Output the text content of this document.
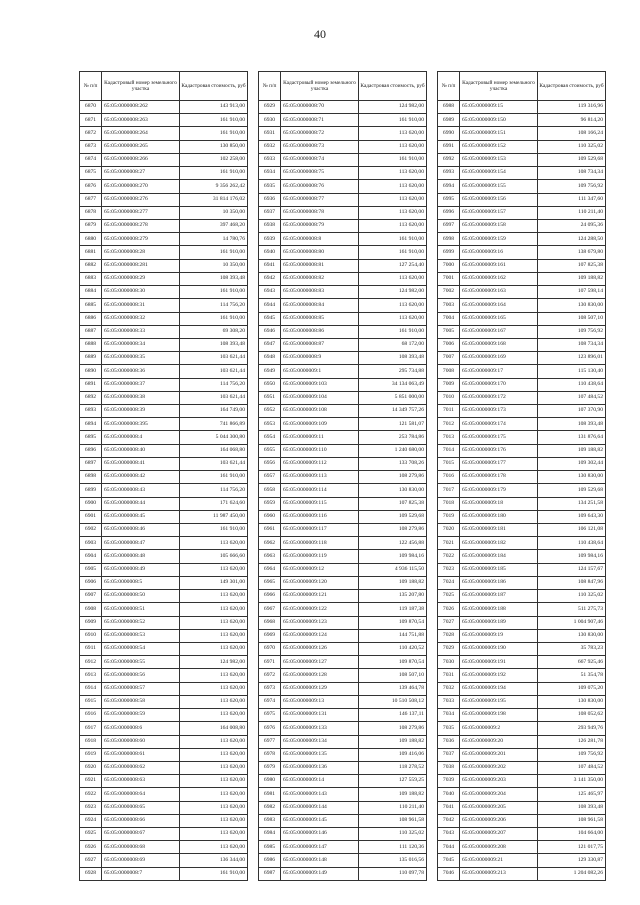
40
№ п/п	Кадастровый номер земельного участка	Кадастровая стоимость, руб
6870	65:05:0000008:262	143 913,00
6871	65:05:0000008:263	161 910,00
6872	65:05:0000008:264	161 910,00
6873	65:05:0000008:265	130 850,00
6874	65:05:0000008:266	102 258,00
6875	65:05:0000008:27	161 910,00
6876	65:05:0000008:270	9 356 262,42
6877	65:05:0000008:276	31 814 176,02
6878	65:05:0000008:277	10 350,00
6879	65:05:0000008:278	397 468,20
6880	65:05:0000008:279	14 780,76
6881	65:05:0000008:28	161 910,00
6882	65:05:0000008:281	10 350,00
6883	65:05:0000008:29	108 393,48
6884	65:05:0000008:30	161 910,00
6885	65:05:0000008:31	114 756,20
6886	65:05:0000008:32	161 910,00
6887	65:05:0000008:33	69 308,20
6888	65:05:0000008:34	108 393,48
6889	65:05:0000008:35	103 621,44
6890	65:05:0000008:36	103 621,44
6891	65:05:0000008:37	114 756,20
6892	65:05:0000008:38	103 621,44
6893	65:05:0000008:39	164 749,00
6894	65:05:0000008:395	741 866,89
6895	65:05:0000008:4	5 044 300,80
6896	65:05:0000008:40	164 068,80
6897	65:05:0000008:41	103 621,44
6898	65:05:0000008:42	161 910,00
6899	65:05:0000008:43	114 756,20
6900	65:05:0000008:44	171 624,60
6901	65:05:0000008:45	11 987 450,00
6902	65:05:0000008:46	161 910,00
6903	65:05:0000008:47	113 620,00
6904	65:05:0000008:48	105 666,60
6905	65:05:0000008:49	113 620,00
6906	65:05:0000008:5	149 301,00
6907	65:05:0000008:50	113 620,00
6908	65:05:0000008:51	113 620,00
6909	65:05:0000008:52	113 620,00
6910	65:05:0000008:53	113 620,00
6911	65:05:0000008:54	113 620,00
6912	65:05:0000008:55	124 982,00
6913	65:05:0000008:56	113 620,00
6914	65:05:0000008:57	113 620,00
6915	65:05:0000008:58	113 620,00
6916	65:05:0000008:59	113 620,00
6917	65:05:0000008:6	164 008,80
6918	65:05:0000008:60	113 620,00
6919	65:05:0000008:61	113 620,00
6920	65:05:0000008:62	113 620,00
6921	65:05:0000008:63	113 620,00
6922	65:05:0000008:64	113 620,00
6923	65:05:0000008:65	113 620,00
6924	65:05:0000008:66	113 620,00
6925	65:05:0000008:67	113 620,00
6926	65:05:0000008:68	113 620,00
6927	65:05:0000008:69	136 344,00
6928	65:05:0000008:7	161 910,00
№ п/п	Кадастровый номер земельного участка	Кадастровая стоимость, руб
6929	65:05:0000008:70	124 982,00
6930	65:05:0000008:71	161 910,00
6931	65:05:0000008:72	113 620,00
6932	65:05:0000008:73	113 620,00
6933	65:05:0000008:74	161 910,00
6934	65:05:0000008:75	113 620,00
6935	65:05:0000008:76	113 620,00
6936	65:05:0000008:77	113 620,00
6937	65:05:0000008:78	113 620,00
6938	65:05:0000008:79	113 620,00
6939	65:05:0000008:8	161 910,00
6940	65:05:0000008:80	161 910,00
6941	65:05:0000008:81	127 254,40
6942	65:05:0000008:82	113 620,00
6943	65:05:0000008:83	124 982,00
6944	65:05:0000008:84	113 620,00
6945	65:05:0000008:85	113 620,00
6946	65:05:0000008:86	161 910,00
6947	65:05:0000008:87	68 172,00
6948	65:05:0000008:9	108 393,48
6949	65:05:0000009:1	295 734,88
6950	65:05:0000009:103	34 134 063,49
6951	65:05:0000009:104	5 851 000,00
6952	65:05:0000009:108	14 349 757,26
6953	65:05:0000009:109	121 581,07
6954	65:05:0000009:11	253 784,86
6955	65:05:0000009:110	1 240 680,00
6956	65:05:0000009:112	133 708,26
6957	65:05:0000009:113	108 279,86
6958	65:05:0000009:114	130 830,00
6959	65:05:0000009:115	107 825,38
6960	65:05:0000009:116	109 529,68
6961	65:05:0000009:117	108 279,86
6962	65:05:0000009:118	122 456,88
6963	65:05:0000009:119	109 984,16
6964	65:05:0000009:12	4 936 115,50
6965	65:05:0000009:120	109 188,82
6966	65:05:0000009:121	135 207,80
6967	65:05:0000009:122	119 187,38
6968	65:05:0000009:123	109 870,54
6969	65:05:0000009:124	144 751,88
6970	65:05:0000009:126	110 420,52
6971	65:05:0000009:127	109 870,54
6972	65:05:0000009:128	108 507,10
6973	65:05:0000009:129	139 464,78
6974	65:05:0000009:13	10 510 508,12
6975	65:05:0000009:131	146 137,11
6976	65:05:0000009:133	108 279,86
6977	65:05:0000009:134	109 188,82
6978	65:05:0000009:135	109 416,06
6979	65:05:0000009:136	118 278,52
6980	65:05:0000009:14	127 559,25
6981	65:05:0000009:143	109 188,82
6982	65:05:0000009:144	110 211,40
6983	65:05:0000009:145	108 961,58
6984	65:05:0000009:146	110 325,02
6985	65:05:0000009:147	111 120,36
6986	65:05:0000009:148	135 016,56
6987	65:05:0000009:149	110 097,78
№ п/п	Кадастровый номер земельного участка	Кадастровая стоимость, руб
6988	65:05:0000009:15	119 316,96
6989	65:05:0000009:150	96 814,20
6990	65:05:0000009:151	108 166,24
6991	65:05:0000009:152	110 325,02
6992	65:05:0000009:153	109 529,68
6993	65:05:0000009:154	108 734,34
6994	65:05:0000009:155	109 756,92
6995	65:05:0000009:156	111 347,60
6996	65:05:0000009:157	110 211,40
6997	65:05:0000009:158	24 095,36
6998	65:05:0000009:159	124 288,50
6999	65:05:0000009:16	138 679,80
7000	65:05:0000009:161	107 825,38
7001	65:05:0000009:162	109 188,82
7002	65:05:0000009:163	107 598,14
7003	65:05:0000009:164	130 830,00
7004	65:05:0000009:165	108 507,10
7005	65:05:0000009:167	109 756,92
7006	65:05:0000009:168	108 734,34
7007	65:05:0000009:169	123 896,01
7008	65:05:0000009:17	115 130,40
7009	65:05:0000009:170	110 438,64
7010	65:05:0000009:172	107 484,52
7011	65:05:0000009:173	107 370,90
7012	65:05:0000009:174	108 393,48
7013	65:05:0000009:175	131 876,64
7014	65:05:0000009:176	109 188,82
7015	65:05:0000009:177	109 302,44
7016	65:05:0000009:178	130 830,00
7017	65:05:0000009:179	109 529,68
7018	65:05:0000009:18	134 251,58
7019	65:05:0000009:180	109 643,30
7020	65:05:0000009:181	106 121,08
7021	65:05:0000009:182	110 438,64
7022	65:05:0000009:184	109 984,16
7023	65:05:0000009:185	124 157,67
7024	65:05:0000009:186	108 847,96
7025	65:05:0000009:187	110 325,02
7026	65:05:0000009:188	511 275,73
7027	65:05:0000009:189	1 004 907,46
7028	65:05:0000009:19	130 830,00
7029	65:05:0000009:190	35 783,23
7030	65:05:0000009:191	667 925,46
7031	65:05:0000009:192	51 354,78
7032	65:05:0000009:194	109 075,20
7033	65:05:0000009:195	130 830,00
7034	65:05:0000009:198	108 052,62
7035	65:05:0000009:2	293 949,76
7036	65:05:0000009:20	126 281,78
7037	65:05:0000009:201	109 756,92
7038	65:05:0000009:202	107 484,52
7039	65:05:0000009:203	3 141 350,00
7040	65:05:0000009:204	125 465,97
7041	65:05:0000009:205	108 393,48
7042	65:05:0000009:206	108 961,58
7043	65:05:0000009:207	104 664,00
7044	65:05:0000009:208	121 017,75
7045	65:05:0000009:21	129 330,87
7046	65:05:0000009:213	1 204 082,26
